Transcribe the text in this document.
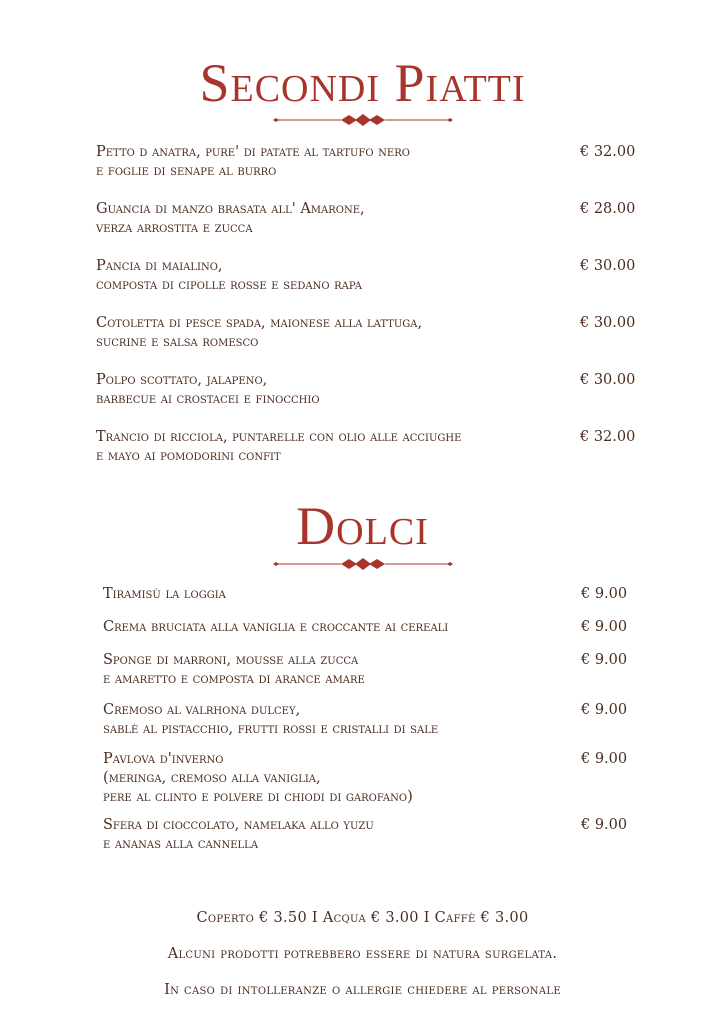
Secondi Piatti
Petto d anatra, pure' di patate al tartufo nero
e foglie di senape al burro
€ 32.00
Guancia di manzo brasata all' Amarone,
verza arrostita e zucca
€ 28.00
Pancia di maialino,
composta di cipolle rosse e sedano rapa
€ 30.00
Cotoletta di pesce spada, maionese alla lattuga,
sucrine e salsa romesco
€ 30.00
Polpo scottato, jalapeno,
barbecue ai crostacei e finocchio
€ 30.00
Trancio di ricciola, puntarelle con olio alle acciughe
e mayo ai pomodorini confit
€ 32.00
Dolci
Tiramisù la loggia	€ 9.00
Crema bruciata alla vaniglia e croccante ai cereali	€ 9.00
Sponge di marroni, mousse alla zucca
e amaretto e composta di arance amare
€ 9.00
Cremoso al valrhona dulcey,
sablè al pistacchio, frutti rossi e cristalli di sale
€ 9.00
Pavlova d'inverno
(meringa, cremoso alla vaniglia,
pere al clinto e polvere di chiodi di garofano)
€ 9.00
Sfera di cioccolato, namelaka allo yuzu
e ananas alla cannella
€ 9.00
Coperto € 3.50 I Acqua € 3.00 I Caffè € 3.00
Alcuni prodotti potrebbero essere di natura surgelata.
In caso di intolleranze o allergie chiedere al personale
